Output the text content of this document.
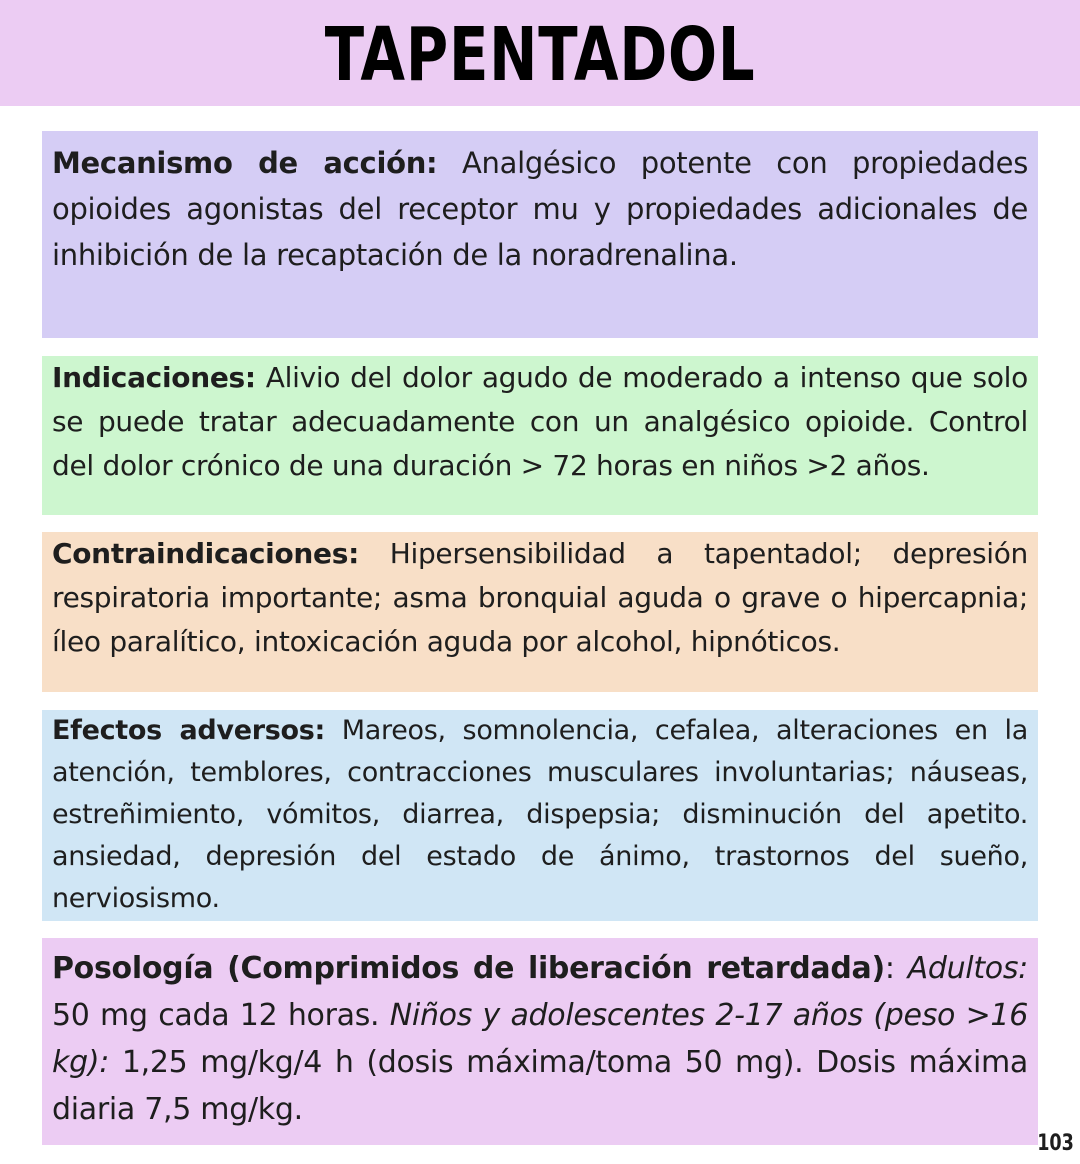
TAPENTADOL
Mecanismo de acción: Analgésico potente con propiedades opioides agonistas del receptor mu y propiedades adicionales de inhibición de la recaptación de la noradrenalina.
Indicaciones: Alivio del dolor agudo de moderado a intenso que solo se puede tratar adecuadamente con un analgésico opioide. Control del dolor crónico de una duración > 72 horas en niños >2 años.
Contraindicaciones: Hipersensibilidad a tapentadol; depresión respiratoria importante; asma bronquial aguda o grave o hipercapnia; íleo paralítico, intoxicación aguda por alcohol, hipnóticos.
Efectos adversos: Mareos, somnolencia, cefalea, alteraciones en la atención, temblores, contracciones musculares involuntarias; náuseas, estreñimiento, vómitos, diarrea, dispepsia; disminución del apetito. ansiedad, depresión del estado de ánimo, trastornos del sueño, nerviosismo.
Posología (Comprimidos de liberación retardada): Adultos: 50 mg cada 12 horas. Niños y adolescentes 2-17 años (peso >16 kg): 1,25 mg/kg/4 h (dosis máxima/toma 50 mg). Dosis máxima diaria 7,5 mg/kg.
103
